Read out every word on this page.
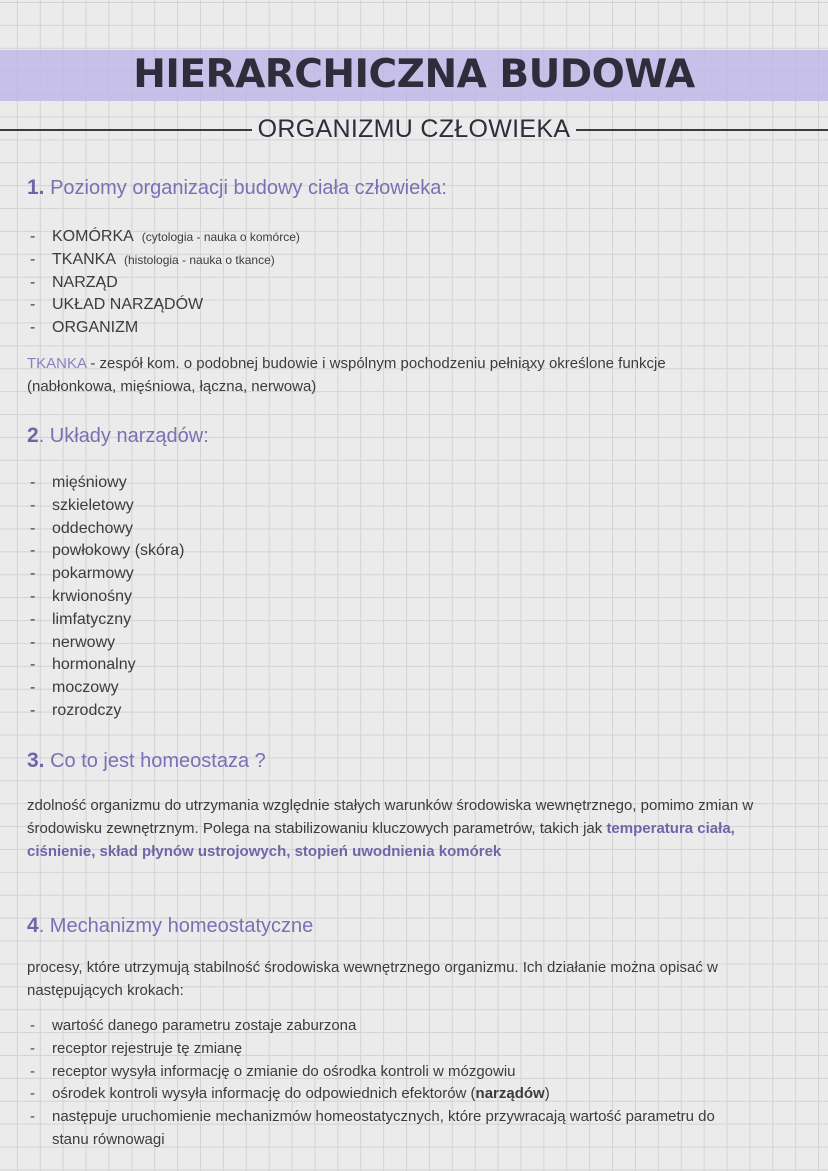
HIERARCHICZNA BUDOWA
ORGANIZMU CZŁOWIEKA
1. Poziomy organizacji budowy ciała człowieka:
-	KOMÓRKA (cytologia - nauka o komórce)
-	TKANKA (histologia - nauka o tkance)
-	NARZĄD
-	UKŁAD NARZĄDÓW
-	ORGANIZM
TKANKA - zespół kom. o podobnej budowie i wspólnym pochodzeniu pełniąxy określone funkcje (nabłonkowa, mięśniowa, łączna, nerwowa)
2. Układy narządów:
-	mięśniowy
-	szkieletowy
-	oddechowy
-	powłokowy (skóra)
-	pokarmowy
-	krwionośny
-	limfatyczny
-	nerwowy
-	hormonalny
-	moczowy
-	rozrodczy
3. Co to jest homeostaza ?
zdolność organizmu do utrzymania względnie stałych warunków środowiska wewnętrznego, pomimo zmian w środowisku zewnętrznym. Polega na stabilizowaniu kluczowych parametrów, takich jak temperatura ciała, ciśnienie, skład płynów ustrojowych, stopień uwodnienia komórek
4. Mechanizmy homeostatyczne
procesy, które utrzymują stabilność środowiska wewnętrznego organizmu. Ich działanie można opisać w następujących krokach:
-	wartość danego parametru zostaje zaburzona
-	receptor rejestruje tę zmianę
-	receptor wysyła informację o zmianie do ośrodka kontroli w mózgowiu
-	ośrodek kontroli wysyła informację do odpowiednich efektorów (narządów)
-	następuje uruchomienie mechanizmów homeostatycznych, które przywracają wartość parametru do stanu równowagi
